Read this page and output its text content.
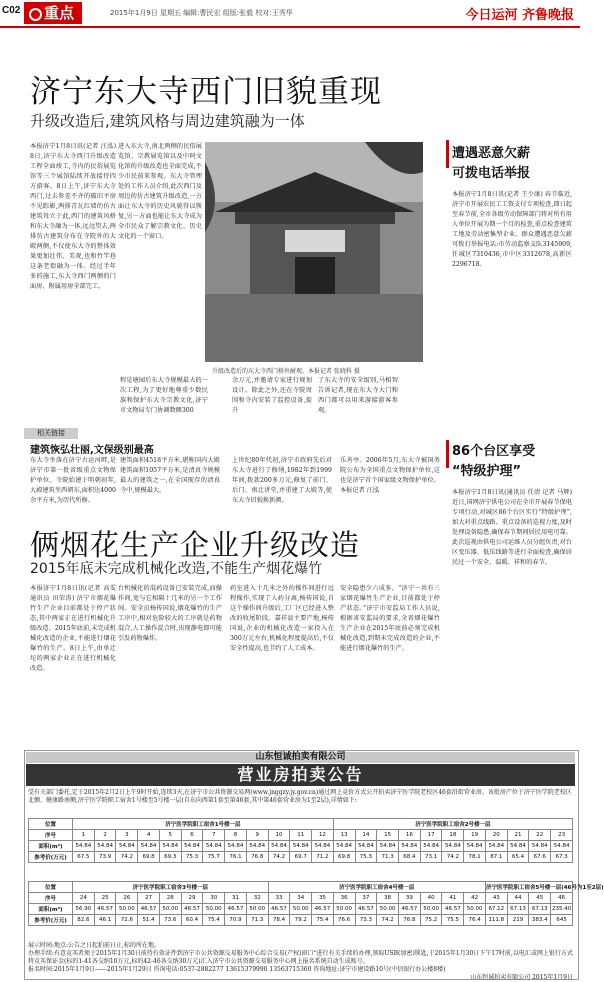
C02	重点	2015年1月9日 星期五 编辑:曹民宏 组版:张毅 校对:王秀华	今日运河 齐鲁晚报
济宁东大寺西门旧貌重现
升级改造后,建筑风格与周边建筑融为一体
本报济宁1月8日讯(记者 汪泓) 8日,济宁东大寺西门升级改造工程全面竣工,寺内的民俗展览馆等三个展馆陆续开放接待四方游客。8日上午,济宁东大寺西门,过去参差不齐的破旧平房不见踪影,两排青瓦红墙的仿古建筑耸立于此,西门的建筑风格和东大寺融为一体,远远望去,两排仿古建筑分布在寺院外的大殿两侧,不仅使东大寺的整体效果更加壮伟、美观,也和竹竿巷这条老街融为一体。经过半年多的施工,东大寺西门两侧的门面房、附属用房全部完工。
进入东大寺,南北两侧的民俗展览馆、宗教展览馆以及中阿文化馆的升级改造也全面完成,不少市民前来参观。东大寺管理处的工作人员介绍,此次西门及周边的仿古建筑升级改造,一方面让东大寺的历史风貌得以恢复,另一方面也能让东大寺成为全市民众了解宗教文化、历史文化的一个窗口。
升级改造后的东大寺西门格外耐观。本报记者 张晓科 摄
程是塘园后东大寺规模最大的一次工程,为了更好地尊重少数民族和保护东大寺宗教文化,济宁市文物局专门协调数额300
余万元,并邀请专家进行规划设计。除此之外,还在寺院周围和寺内安装了监控设备,提升
了东大寺的安全级别,马相智告诉记者,现在东大寺大门和西门都可以用来游接游客参观。
遭遇恶意欠薪
可拨电话举报
本报济宁1月8日讯(记者 王少康) 春节临近,济宁市开展农民工工资支付专项检查,即日起至春节前,全市各级劳动保障部门将对所有用人单位开展为期一个月的检查,重点检查建筑工地及劳动密集型企业。群众遭遇恶意欠薪可拨打举报电话:市劳动监察支队3145909,任城区7310436,市中区3312678,高新区2296718。
相关链接
建筑恢弘壮丽,文保级别最高
东大寺坐落在济宁古运河畔,是济宁市第一批省级重点文物保护单位。寺院始建于明朝初年,大殿建筑坐西朝东,面积达4000余平方米,为历代所修。
建筑面积4518平方米,堪称国内大殿建筑面积1057平方米,是清真寺规模最大的建筑之一,在全国现存的清真寺中,规模最大。
上世纪80年代初,济宁市政府先后对东大寺进行了修缮,1982年到1999年间,拨款200多万元,修复了前门、后门、南北讲堂,并重建了大殿等,使东大寺旧貌换新颜。
乐善亭。2006年5月,东大寺被国务院公布为全国重点文物保护单位,这也是济宁首个国家级文物保护单位。本报记者 汪泓
86个台区享受
“特级护理”
本报济宁1月8日讯(通讯员 任清 记者 马辉) 近日,国网济宁供电公司在全市开展春节保电专项行动,对城区86个台区实行“特级护理”,加大对重点线路、重点设备的巡视力度,及时处理设备隐患,确保春节期间居民用电可靠。此次巡视由供电公司运维人员分组负责,对台区变压器、低压线路等进行全面检查,确保居民过一个安全、温暖、祥和的春节。
俩烟花生产企业升级改造
2015年底未完成机械化改造,不能生产烟花爆竹
本报济宁1月8日讯(记者 高雯 通讯员 田荣涛) 济宁市烟花爆竹生产企业目前都处于停产状态,其中两家正在进行机械化升级改造。2015年底前,未完成机械化改造的企业,不能进行烟花爆竹的生产。8日上午,由单迁坨的两家企业正在进行机械化改造。
台机械化的混药设备已安装完成,而操作间,宽与它相隔十几米的另一个工作间。安全员杨传国说,烟花爆竹的生产工序中,相对危险较大的工序就是药物混合,人工操作混合时,出现静电即可能引发药物爆炸。
药室进入十几米之外的操作间进行远程操作,实现了人药分离,杨传国说,自这个操作间升级后,工厂区已经进入整改的收尾阶段。嘉祥县主要产地,杨传国说,企业的机械化改造一家投入在300万元左右,机械化程度提高后,不仅安全性提高,也节约了人工成本。
安全隐患少六成多。“济宁一共有三家烟花爆竹生产企业,目前都处于停产状态。”济宁市安监局工作人员说,根据省安监局的要求,全省烟花爆竹生产企业在2015年底前必须完成机械化改造,到期未完成改造的企业,不能进行烟花爆竹的生产。
山东恒诚拍卖有限公司
营业房拍卖公告
受有关部门委托,定于2015年2月2日上午9时开始,连续3天,在济宁市公共资源交易网(www.jnggzy.jy.gov.cn)通过网上竞价方式公开拍卖济宁医学院老校区46套沿街营业房。该批房产位于济宁医学院老校区北侧、健康路南侧,济宁医学院职工宿舍1号楼至5号楼一层(自东向西第1套至第46套,其中第46套营业房为1至2层),详情如下:
位置	济宁医学院职工宿舍1号楼一层												济宁医学院职工宿舍2号楼一层										
序号	1	2	3	4	5	6	7	8	9	10	11	12	13	14	15	16	17	18	19	20	21	22	23
面积(m²)	54.84	54.84	54.84	54.84	54.84	54.84	54.84	54.84	54.84	54.84	54.84	54.84	54.84	54.84	54.84	54.84	54.84	54.84	54.84	54.84	54.84	54.84	54.84
参考价(万元)	67.5	73.9	74.2	69.8	69.3	75.3	75.7	76.1	76.8	74.2	69.7	71.2	69.8	75.3	71.3	68.4	73.1	74.2	78.1	87.1	65.4	67.6	67.3
位置	济宁医学院职工宿舍3号楼一层									济宁医学院职工宿舍4号楼一层										济宁医学院职工宿舍5号楼一层(46号为1至2层)			
序号	24	25	26	27	28	29	30	31	32	33	34	35	36	37	38	39	40	41	42	43	44	45	46
面积(m²)	56.90	46.57	50.00	46.57	50.00	46.57	50.00	46.57	50.00	46.57	50.00	46.57	50.00	46.57	50.00	46.57	50.00	46.57	50.00	67.12	67.13	67.13	235.40
参考价(万元)	82.6	46.1	72.6	51.4	73.6	60.4	75.4	70.9	71.3	78.4	79.2	75.4	76.6	73.3	74.2	76.8	75.2	75.5	76.4	111.8	219	383.4	645
展示时间:地点:公告之日起拍前日止,标的所在地。
办理手续:有意竞买者须于2015年1月30日前持有效证件到济宁市公共资源交易服务中心综合交易(产权)窗口“进行有关手续的办理,领取USB(加密)锁匙,于2015年1月30日下午17时前,以电汇或网上银行方式将竞买保证金(标的1-41各交纳10万元,标的42-46各交纳30万元)汇入济宁市公共资源交易服务中心网上报名系统自动生成账号。
报名时间:2015年1月9日——2015年1月29日 咨询电话:0537-2882277 13615379990 13563715360 咨询地址:济宁市建设路10号(中信银行办公楼8楼)
山东恒诚拍卖有限公司 2015年1月9日
